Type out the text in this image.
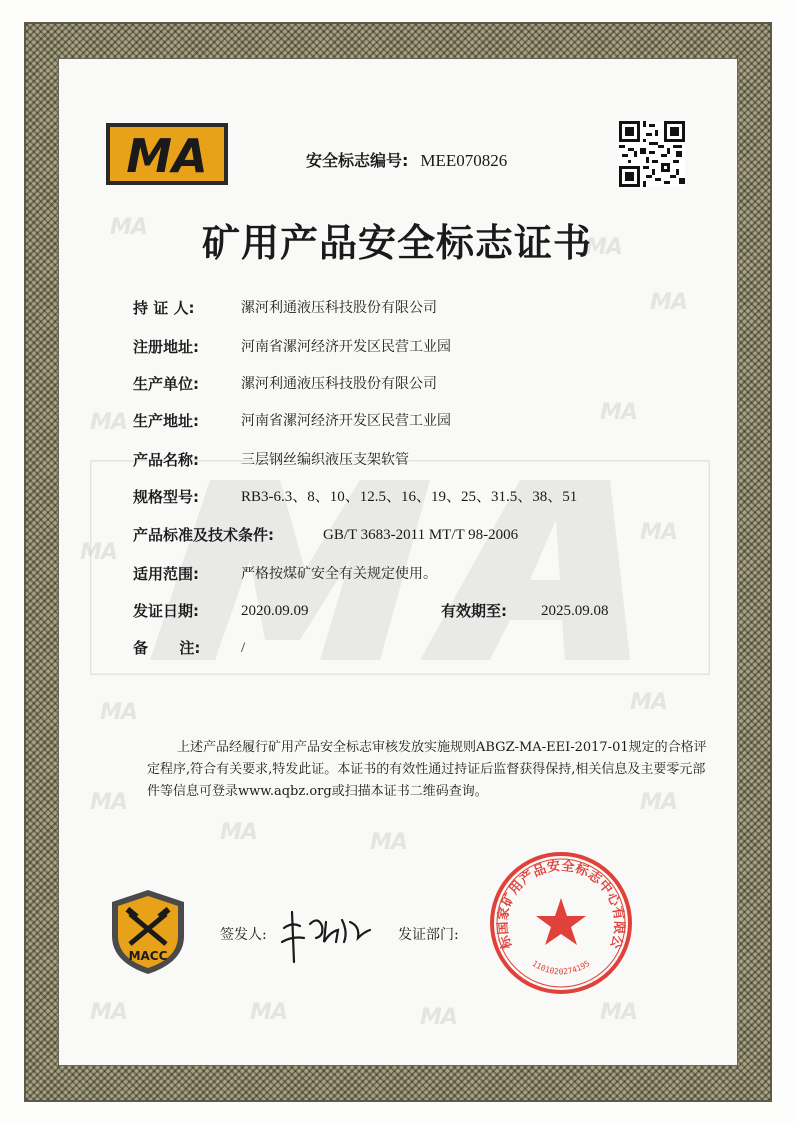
MA
MA
MA
MA
MA
MA
MA
MA	MA
MA
MA	MA
MA
MA	MA	MA	MA
MA	安全标志编号: MEE070826
矿用产品安全标志证书
持 证 人:	漯河利通液压科技股份有限公司
注册地址:	河南省漯河经济开发区民营工业园
生产单位:	漯河利通液压科技股份有限公司
生产地址:	河南省漯河经济开发区民营工业园
产品名称:	三层钢丝编织液压支架软管
规格型号:	RB3-6.3、8、10、12.5、16、19、25、31.5、38、51
产品标准及技术条件:	GB/T 3683-2011 MT/T 98-2006
适用范围:	严格按煤矿安全有关规定使用。
发证日期:	2020.09.09	有效期至: 2025.09.08
备      注:	/
上述产品经履行矿用产品安全标志审核发放实施规则ABGZ-MA-EEI-2017-01规定的合格评定程序,符合有关要求,特发此证。本证书的有效性通过持证后监督获得保持,相关信息及主要零元部件等信息可登录www.aqbz.org或扫描本证书二维码查询。
MACC
签发人:	发证部门:	标国家矿用产品安全标志中心有限公
1101020274195
